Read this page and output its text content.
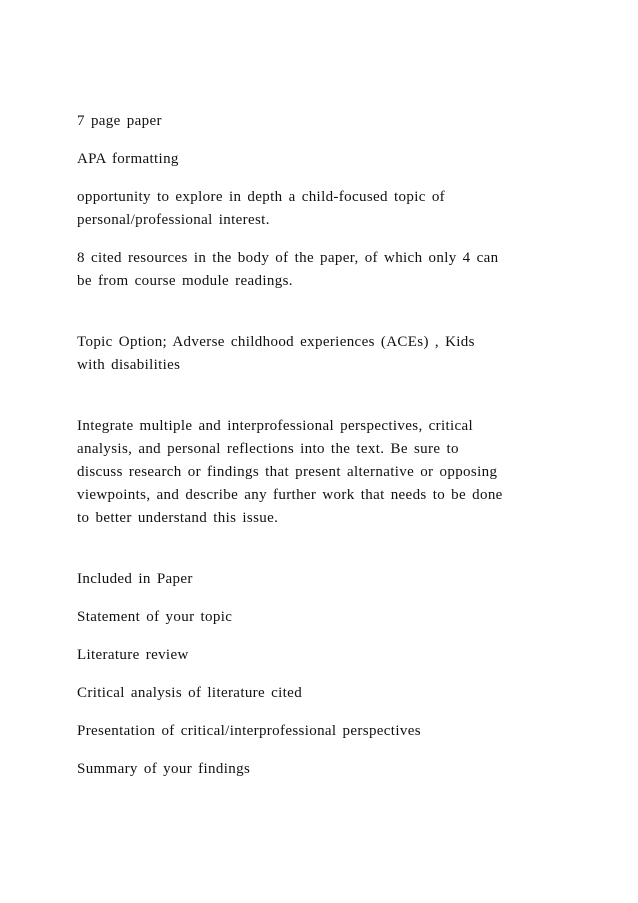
7 page paper

APA formatting

opportunity to explore in depth a child-focused topic of
personal/professional interest.

8 cited resources in the body of the paper, of which only 4 can
be from course module readings.

Topic Option; Adverse childhood experiences (ACEs) , Kids
with disabilities

Integrate multiple and interprofessional perspectives, critical
analysis, and personal reflections into the text. Be sure to
discuss research or findings that present alternative or opposing
viewpoints, and describe any further work that needs to be done
to better understand this issue.

Included in Paper

Statement of your topic

Literature review

Critical analysis of literature cited

Presentation of critical/interprofessional perspectives

Summary of your findings
